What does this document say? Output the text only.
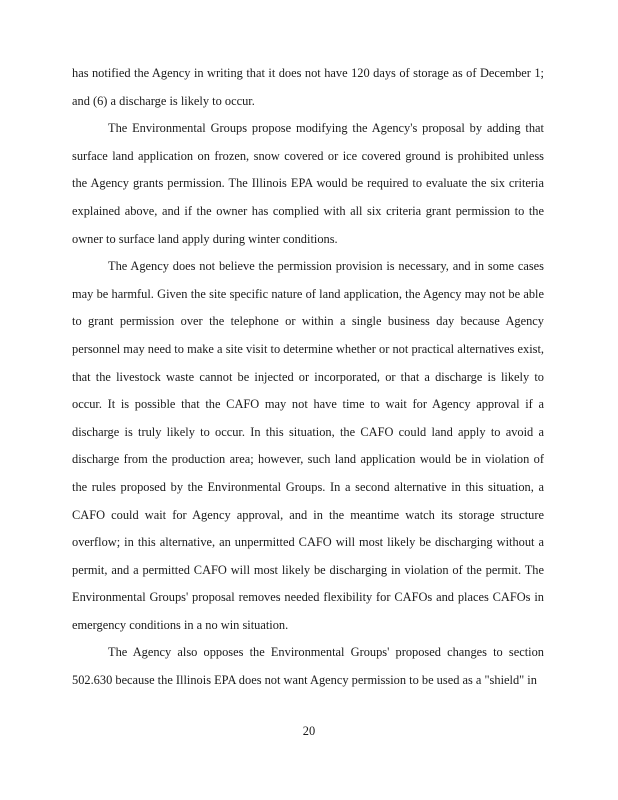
has notified the Agency in writing that it does not have 120 days of storage as of December 1; and (6) a discharge is likely to occur.

The Environmental Groups propose modifying the Agency's proposal by adding that surface land application on frozen, snow covered or ice covered ground is prohibited unless the Agency grants permission. The Illinois EPA would be required to evaluate the six criteria explained above, and if the owner has complied with all six criteria grant permission to the owner to surface land apply during winter conditions.

The Agency does not believe the permission provision is necessary, and in some cases may be harmful. Given the site specific nature of land application, the Agency may not be able to grant permission over the telephone or within a single business day because Agency personnel may need to make a site visit to determine whether or not practical alternatives exist, that the livestock waste cannot be injected or incorporated, or that a discharge is likely to occur. It is possible that the CAFO may not have time to wait for Agency approval if a discharge is truly likely to occur. In this situation, the CAFO could land apply to avoid a discharge from the production area; however, such land application would be in violation of the rules proposed by the Environmental Groups. In a second alternative in this situation, a CAFO could wait for Agency approval, and in the meantime watch its storage structure overflow; in this alternative, an unpermitted CAFO will most likely be discharging without a permit, and a permitted CAFO will most likely be discharging in violation of the permit. The Environmental Groups' proposal removes needed flexibility for CAFOs and places CAFOs in emergency conditions in a no win situation.

The Agency also opposes the Environmental Groups' proposed changes to section 502.630 because the Illinois EPA does not want Agency permission to be used as a "shield" in

20
